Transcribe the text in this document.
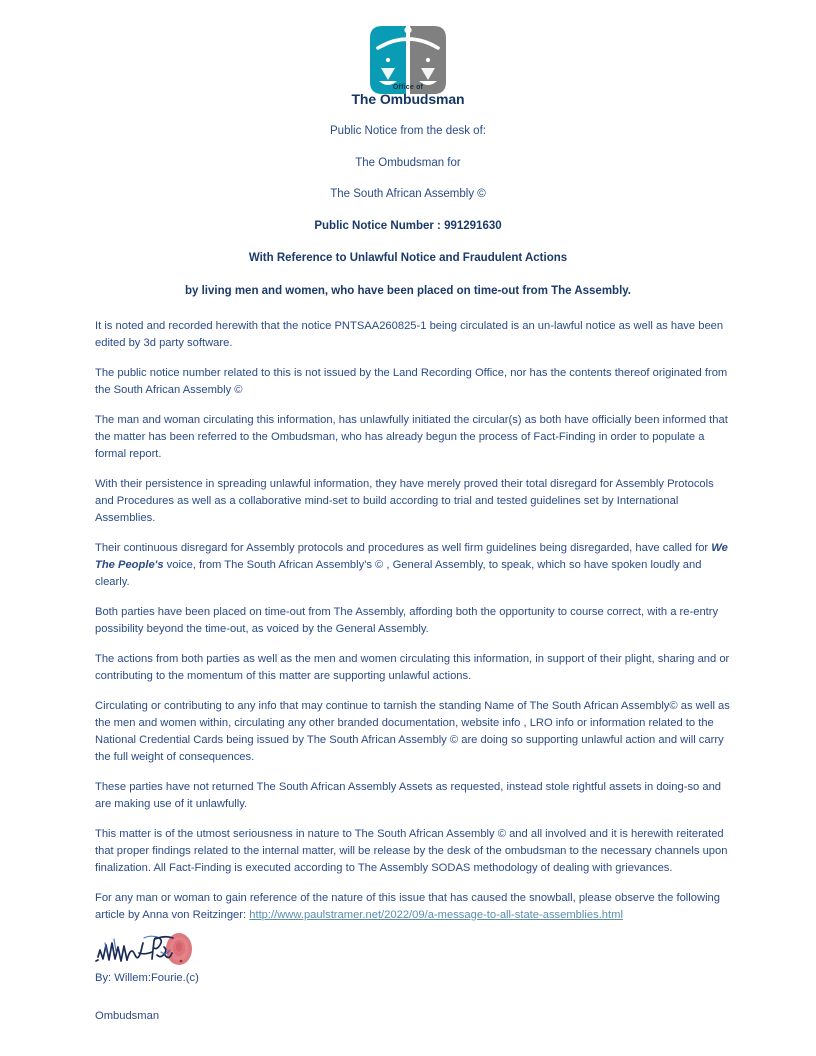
Office of
The Ombudsman

Public Notice from the desk of:

The Ombudsman for

The South African Assembly ©

Public Notice Number : 991291630

With Reference to Unlawful Notice and Fraudulent Actions

by living men and women, who have been placed on time-out from The Assembly.

It is noted and recorded herewith that the notice PNTSAA260825-1 being circulated is an un-lawful notice as well as have been edited by 3d party software.

The public notice number related to this is not issued by the Land Recording Office, nor has the contents thereof originated from the South African Assembly ©

The man and woman circulating this information, has unlawfully initiated the circular(s) as both have officially been informed that the matter has been referred to the Ombudsman, who has already begun the process of Fact-Finding in order to populate a formal report.

With their persistence in spreading unlawful information, they have merely proved their total disregard for Assembly Protocols and Procedures as well as a collaborative mind-set to build according to trial and tested guidelines set by International Assemblies.

Their continuous disregard for Assembly protocols and procedures as well firm guidelines being disregarded, have called for We The People's voice, from The South African Assembly's © , General Assembly, to speak, which so have spoken loudly and clearly.

Both parties have been placed on time-out from The Assembly, affording both the opportunity to course correct, with a re-entry possibility beyond the time-out, as voiced by the General Assembly.

The actions from both parties as well as the men and women circulating this information, in support of their plight, sharing and or contributing to the momentum of this matter are supporting unlawful actions.

Circulating or contributing to any info that may continue to tarnish the standing Name of The South African Assembly© as well as the men and women within, circulating any other branded documentation, website info , LRO info or information related to the National Credential Cards being issued by The South African Assembly © are doing so supporting unlawful action and will carry the full weight of consequences.

These parties have not returned The South African Assembly Assets as requested, instead stole rightful assets in doing-so and are making use of it unlawfully.

This matter is of the utmost seriousness in nature to The South African Assembly © and all involved and it is herewith reiterated that proper findings related to the internal matter, will be release by the desk of the ombudsman to the necessary channels upon finalization. All Fact-Finding is executed according to The Assembly SODAS methodology of dealing with grievances.

For any man or woman to gain reference of the nature of this issue that has caused the snowball, please observe the following article by Anna von Reitzinger: http://www.paulstramer.net/2022/09/a-message-to-all-state-assemblies.html

By: Willem:Fourie.(c)

Ombudsman
